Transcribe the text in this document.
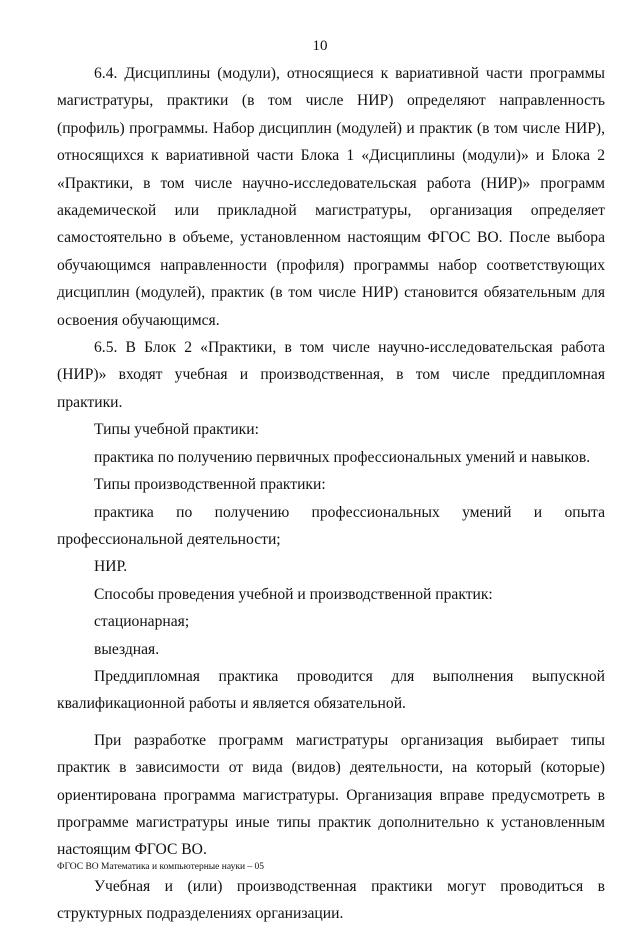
10

6.4. Дисциплины (модули), относящиеся к вариативной части программы магистратуры, практики (в том числе НИР) определяют направленность (профиль) программы. Набор дисциплин (модулей) и практик (в том числе НИР), относящихся к вариативной части Блока 1 «Дисциплины (модули)» и Блока 2 «Практики, в том числе научно-исследовательская работа (НИР)» программ академической или прикладной магистратуры, организация определяет самостоятельно в объеме, установленном настоящим ФГОС ВО. После выбора обучающимся направленности (профиля) программы набор соответствующих дисциплин (модулей), практик (в том числе НИР) становится обязательным для освоения обучающимся.

6.5. В Блок 2 «Практики, в том числе научно-исследовательская работа (НИР)» входят учебная и производственная, в том числе преддипломная практики.

Типы учебной практики:

практика по получению первичных профессиональных умений и навыков.

Типы производственной практики:

практика по получению профессиональных умений и опыта профессиональной деятельности;

НИР.

Способы проведения учебной и производственной практик:

стационарная;

выездная.

Преддипломная практика проводится для выполнения выпускной квалификационной работы и является обязательной.

При разработке программ магистратуры организация выбирает типы практик в зависимости от вида (видов) деятельности, на который (которые) ориентирована программа магистратуры. Организация вправе предусмотреть в программе магистратуры иные типы практик дополнительно к установленным настоящим ФГОС ВО.

Учебная и (или) производственная практики могут проводиться в структурных подразделениях организации.

ФГОС ВО Математика и компьютерные науки – 05
